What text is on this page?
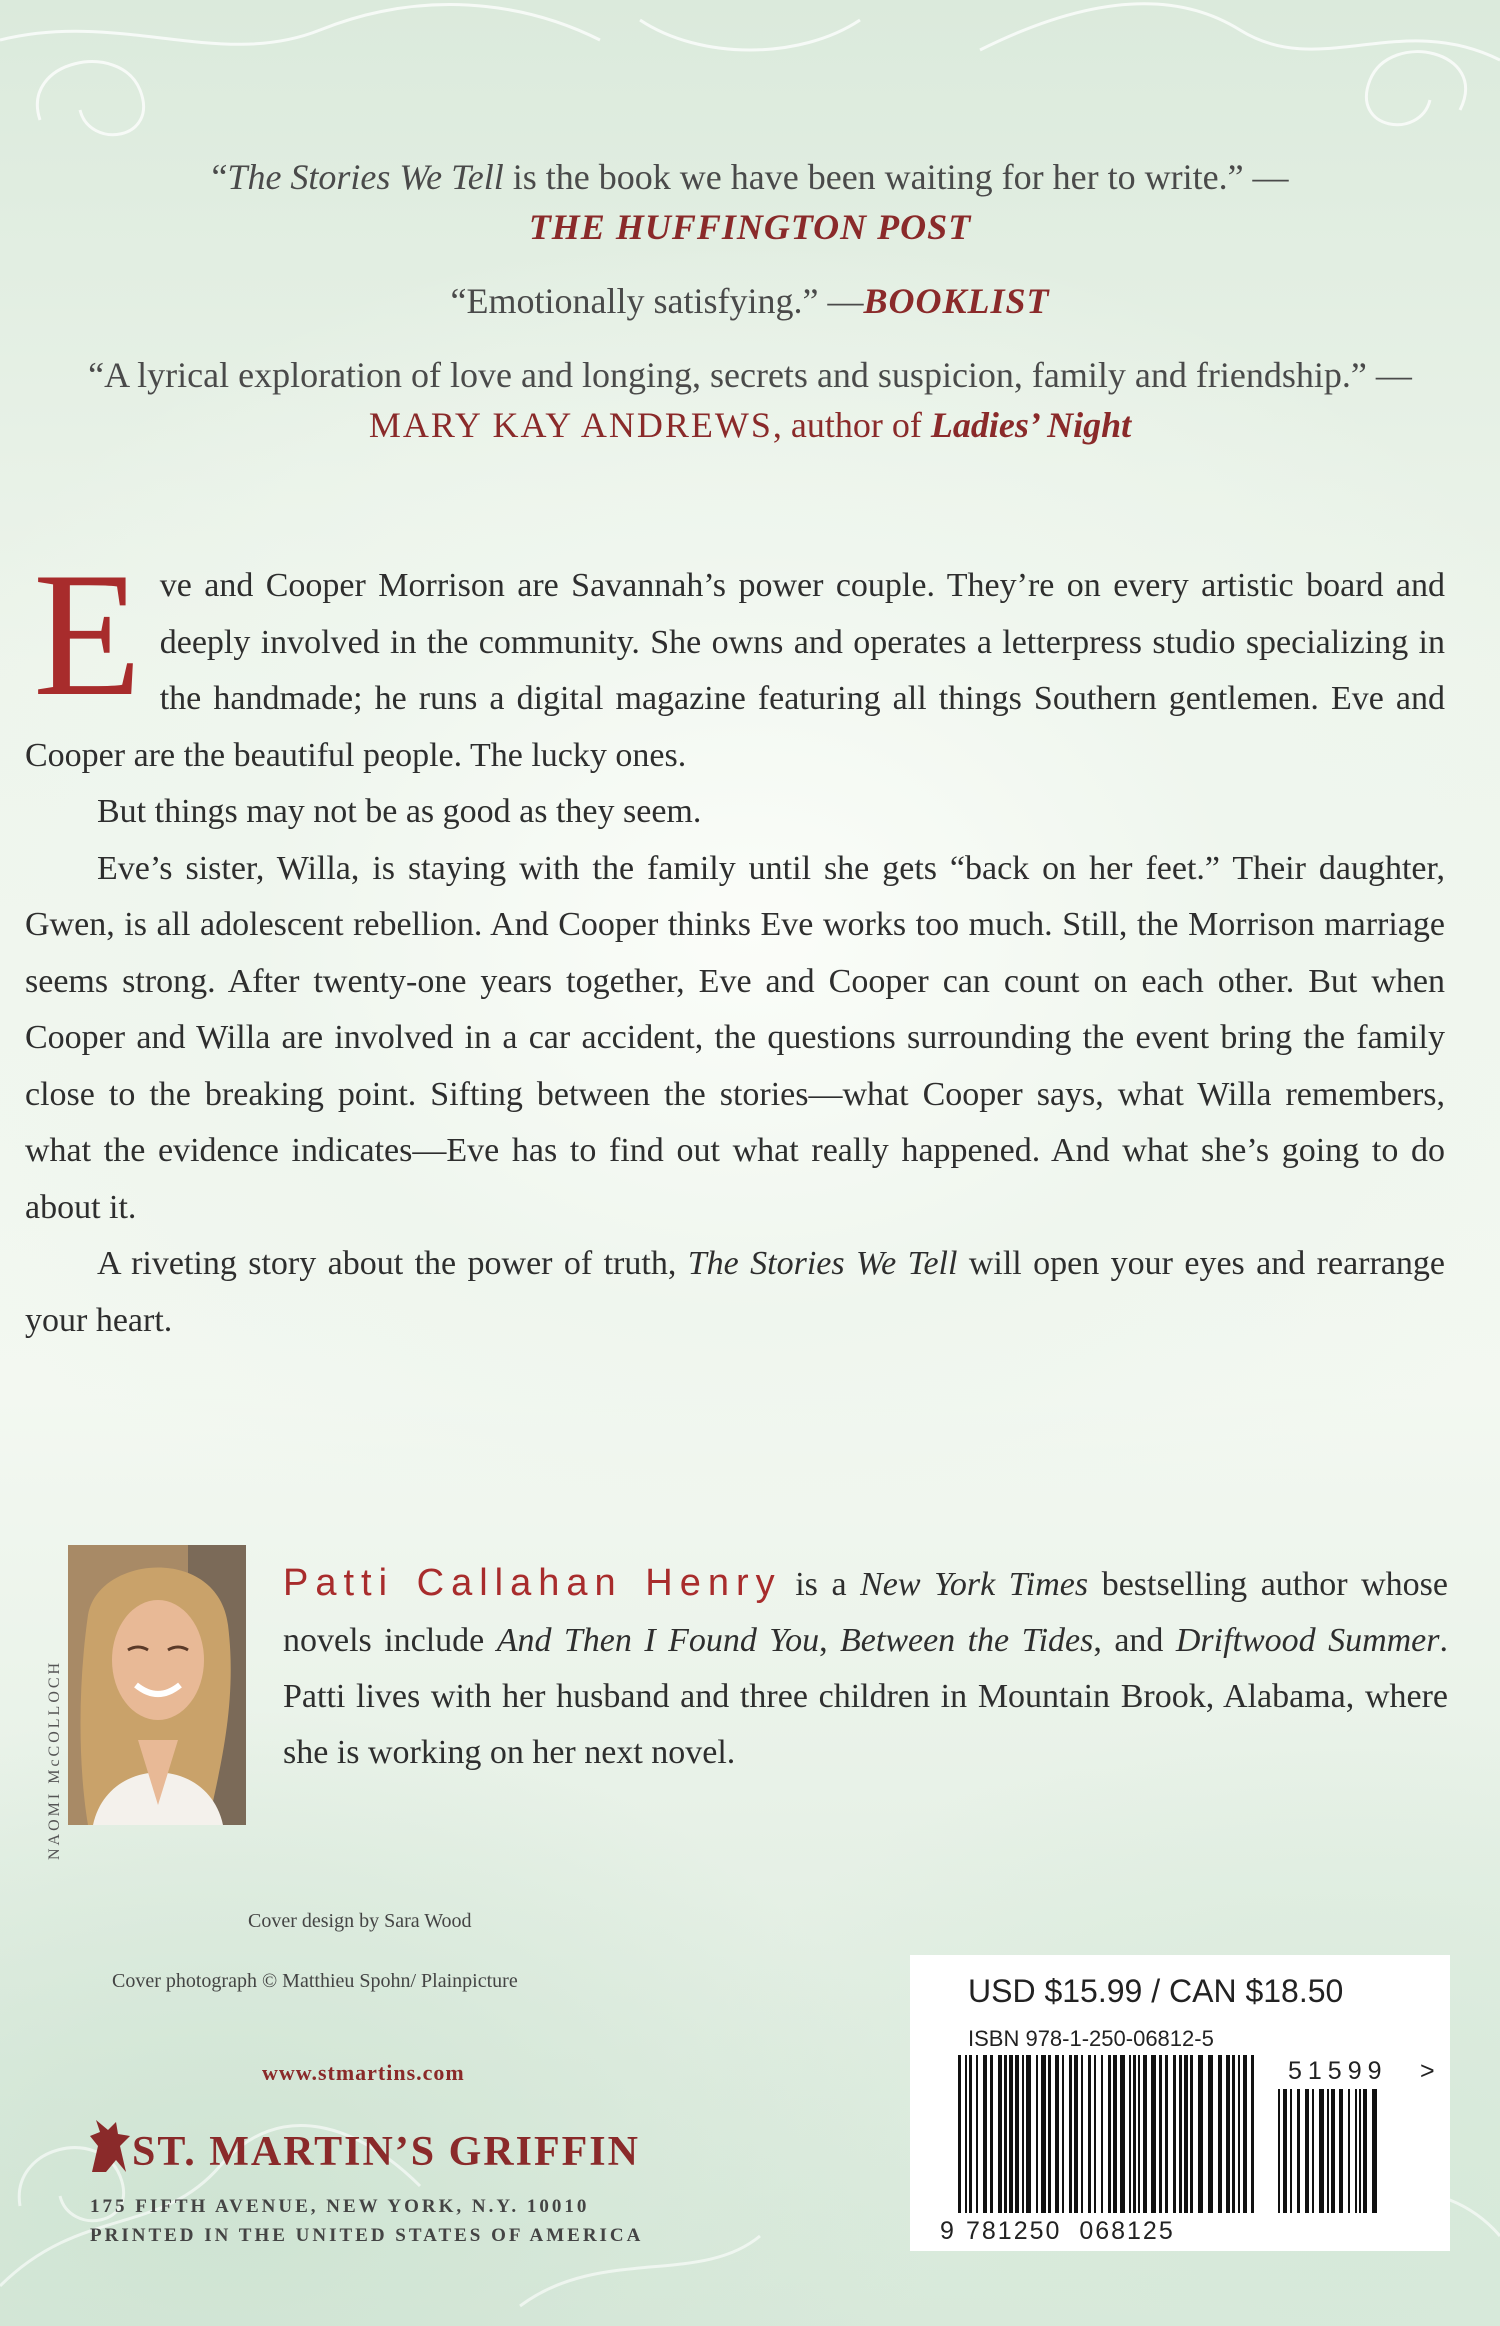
“The Stories We Tell is the book we have been waiting for her to write.” — THE HUFFINGTON POST

“Emotionally satisfying.” —BOOKLIST

“A lyrical exploration of love and longing, secrets and suspicion, family and friendship.” —MARY KAY ANDREWS, author of Ladies’ Night

Eve and Cooper Morrison are Savannah’s power couple. They’re on every artistic board and deeply involved in the community. She owns and operates a letterpress studio specializing in the handmade; he runs a digital magazine featuring all things Southern gentlemen. Eve and Cooper are the beautiful people. The lucky ones.

But things may not be as good as they seem.

Eve’s sister, Willa, is staying with the family until she gets “back on her feet.” Their daughter, Gwen, is all adolescent rebellion. And Cooper thinks Eve works too much. Still, the Morrison marriage seems strong. After twenty-one years together, Eve and Cooper can count on each other. But when Cooper and Willa are involved in a car accident, the questions surrounding the event bring the family close to the breaking point. Sifting between the stories—what Cooper says, what Willa remembers, what the evidence indicates—Eve has to find out what really happened. And what she’s going to do about it.

A riveting story about the power of truth, The Stories We Tell will open your eyes and rearrange your heart.

NAOMI McCOLLOCH

Patti Callahan Henry is a New York Times bestselling author whose novels include And Then I Found You, Between the Tides, and Driftwood Summer. Patti lives with her husband and three children in Mountain Brook, Alabama, where she is working on her next novel.

Cover design by Sara Wood
Cover photograph © Matthieu Spohn/ Plainpicture
www.stmartins.com
ST. MARTIN’S GRIFFIN
175 FIFTH AVENUE, NEW YORK, N.Y. 10010
PRINTED IN THE UNITED STATES OF AMERICA
USD $15.99 / CAN $18.50
ISBN 978-1-250-06812-5
9 781250  068125
51599 >
